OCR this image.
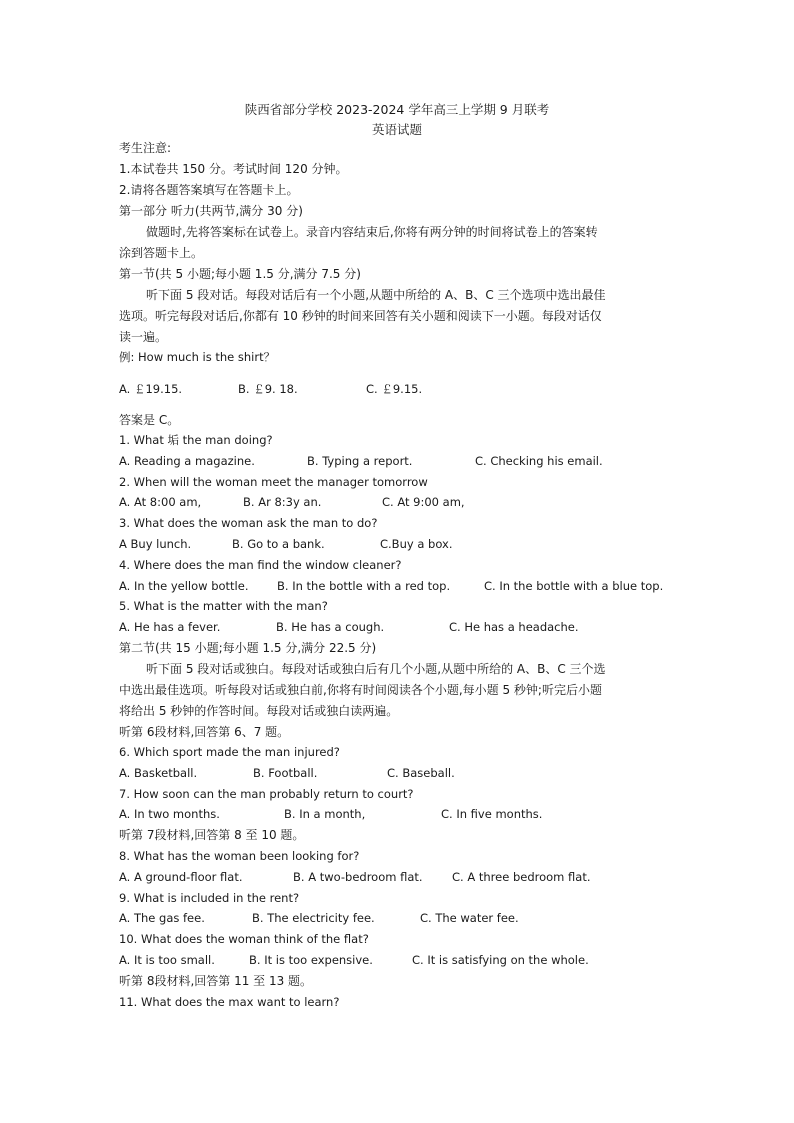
陕西省部分学校 2023-2024 学年高三上学期 9 月联考
英语试题
考生注意:
1.本试卷共 150 分。考试时间 120 分钟。
2.请将各题答案填写在答题卡上。
第一部分 听力(共两节,满分 30 分)
做题时,先将答案标在试卷上。录音内容结束后,你将有两分钟的时间将试卷上的答案转
涂到答题卡上。
第一节(共 5 小题;每小题 1.5 分,满分 7.5 分)
听下面 5 段对话。每段对话后有一个小题,从题中所给的 A、B、C 三个选项中选出最佳
选项。听完每段对话后,你都有 10 秒钟的时间来回答有关小题和阅读下一小题。每段对话仅
读一遍。
例: How much is the shirt？
A. ￡19.15.	B. ￡9. 18.	C. ￡9.15.
答案是 C。
1. What 垢 the man doing?
A. Reading a magazine.	B. Typing a report.	C. Checking his email.
2. When will the woman meet the manager tomorrow
A. At 8:00 am,	B. Ar 8:3y an.	C. At 9:00 am,
3. What does the woman ask the man to do?
A Buy lunch.	B. Go to a bank.	C.Buy a box.
4. Where does the man find the window cleaner?
A. In the yellow bottle. B. In the bottle with a red top.	C. In the bottle with a blue top.
5. What is the matter with the man?
A. He has a fever.	B. He has a cough.	C. He has a headache.
第二节(共 15 小题;每小题 1.5 分,满分 22.5 分)
听下面 5 段对话或独白。每段对话或独白后有几个小题,从题中所给的 A、B、C 三个选
中选出最佳选项。听每段对话或独白前,你将有时间阅读各个小题,每小题 5 秒钟;听完后小题
将给出 5 秒钟的作答时间。每段对话或独白读两遍。
听第 6段材料,回答第 6、7 题。
6. Which sport made the man injured?
A. Basketball.	B. Football.	C. Baseball.
7. How soon can the man probably return to court?
A. In two months.	B. In a month,	C. In five months.
听第 7段材料,回答第 8 至 10 题。
8. What has the woman been looking for?
A. A ground-floor flat.	B. A two-bedroom flat.	C. A three bedroom flat.
9. What is included in the rent?
A. The gas fee.	B. The electricity fee.	C. The water fee.
10. What does the woman think of the flat?
A. It is too small.	B. It is too expensive.	C. It is satisfying on the whole.
听第 8段材料,回答第 11 至 13 题。
11. What does the max want to learn?
